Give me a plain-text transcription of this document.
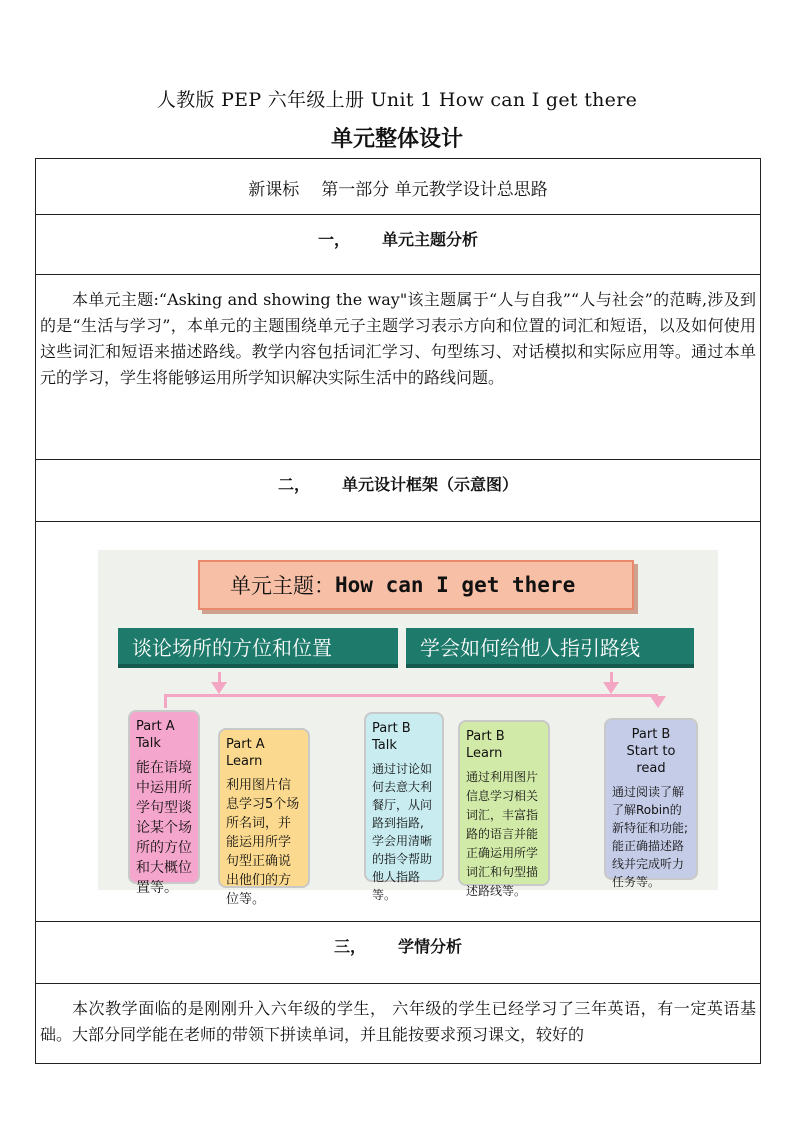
人教版 PEP 六年级上册 Unit 1 How can I get there
单元整体设计
新课标 第一部分 单元教学设计总思路
一， 单元主题分析

本单元主题:“Asking and showing the way"该主题属于“人与自我”“人与社会”的范畴,涉及到的是“生活与学习”，本单元的主题围绕单元子主题学习表示方向和位置的词汇和短语，以及如何使用这些词汇和短语来描述路线。教学内容包括词汇学习、句型练习、对话模拟和实际应用等。通过本单元的学习，学生将能够运用所学知识解决实际生活中的路线问题。

二， 单元设计框架（示意图）
单元主题： How can I get there
谈论场所的方位和位置	学会如何给他人指引路线
Part A Talk
能在语境中运用所学句型谈论某个场所的方位和大概位置等。
Part A Learn
利用图片信息学习5个场所名词，并能运用所学句型正确说出他们的方位等。
Part B Talk
通过讨论如何去意大利餐厅，从问路到指路, 学会用清晰的指令帮助他人指路等。
Part B Learn
通过利用图片信息学习相关词汇，丰富指路的语言并能正确运用所学词汇和句型描述路线等。
Part B
Start to read
通过阅读了解了解Robin的新特征和功能;能正确描述路线并完成听力任务等。
三， 学情分析

本次教学面临的是刚刚升入六年级的学生， 六年级的学生已经学习了三年英语，有一定英语基础。大部分同学能在老师的带领下拼读单词，并且能按要求预习课文，较好的
